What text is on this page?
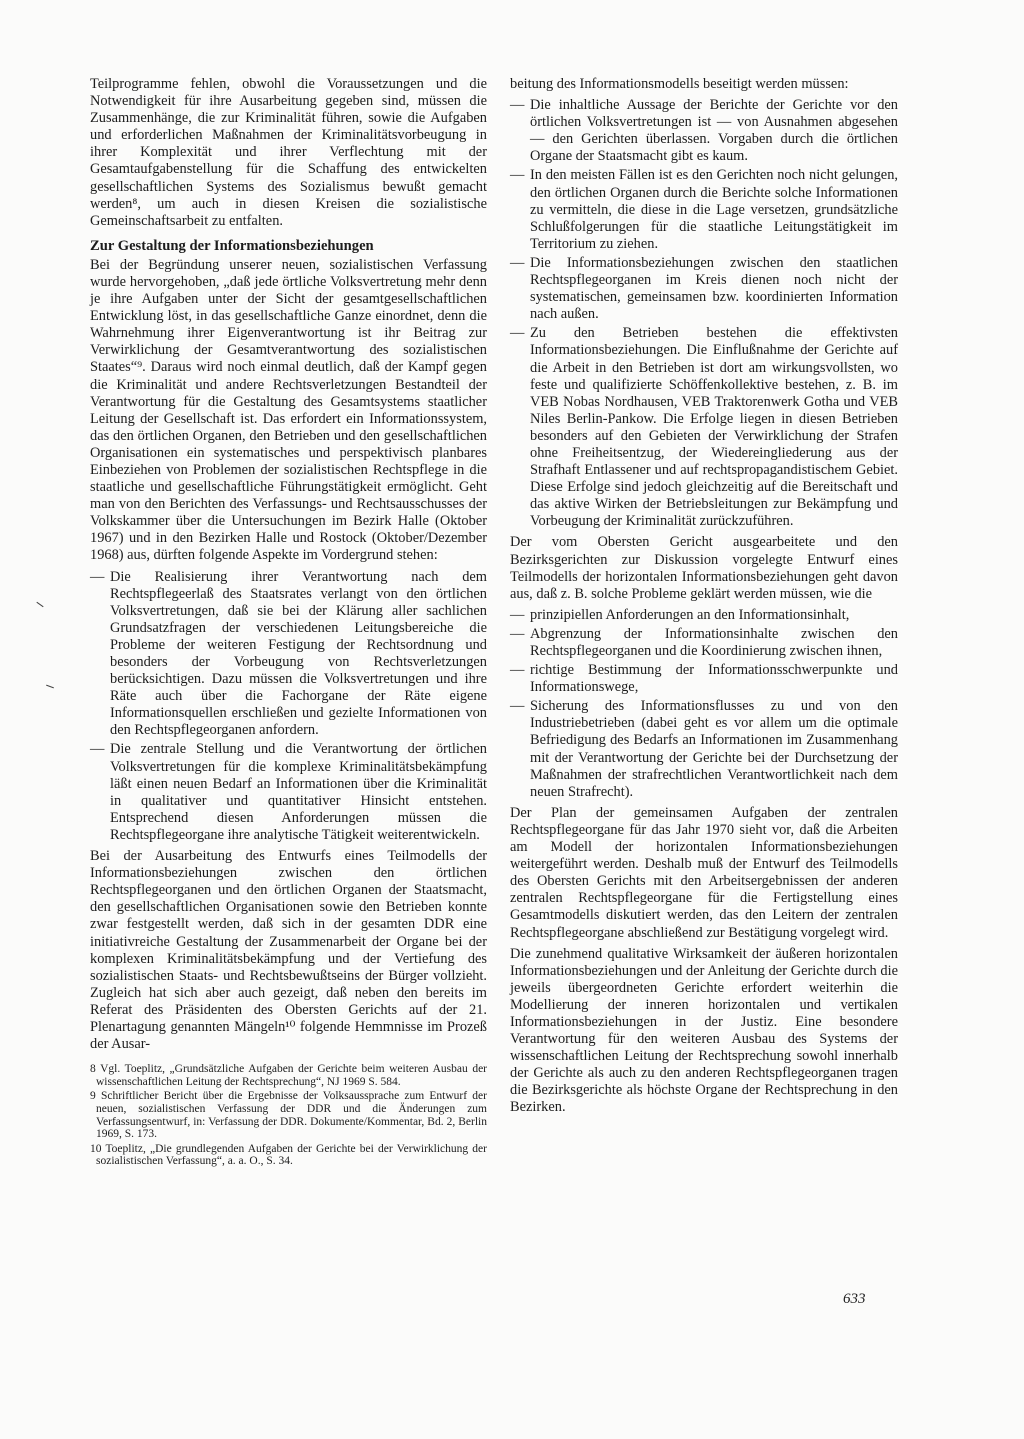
Teilprogramme fehlen, obwohl die Voraussetzungen und die Notwendigkeit für ihre Ausarbeitung gegeben sind, müssen die Zusammenhänge, die zur Kriminalität führen, sowie die Aufgaben und erforderlichen Maßnahmen der Kriminalitätsvorbeugung in ihrer Komplexität und ihrer Verflechtung mit der Gesamtaufgabenstellung für die Schaffung des entwickelten gesellschaftlichen Systems des Sozialismus bewußt gemacht werden⁸, um auch in diesen Kreisen die sozialistische Gemeinschaftsarbeit zu entfalten.

Zur Gestaltung der Informationsbeziehungen

Bei der Begründung unserer neuen, sozialistischen Verfassung wurde hervorgehoben, „daß jede örtliche Volksvertretung mehr denn je ihre Aufgaben unter der Sicht der gesamtgesellschaftlichen Entwicklung löst, in das gesellschaftliche Ganze einordnet, denn die Wahrnehmung ihrer Eigenverantwortung ist ihr Beitrag zur Verwirklichung der Gesamtverantwortung des sozialistischen Staates“⁹. Daraus wird noch einmal deutlich, daß der Kampf gegen die Kriminalität und andere Rechtsverletzungen Bestandteil der Verantwortung für die Gestaltung des Gesamtsystems staatlicher Leitung der Gesellschaft ist. Das erfordert ein Informationssystem, das den örtlichen Organen, den Betrieben und den gesellschaftlichen Organisationen ein systematisches und perspektivisch planbares Einbeziehen von Problemen der sozialistischen Rechtspflege in die staatliche und gesellschaftliche Führungstätigkeit ermöglicht. Geht man von den Berichten des Verfassungs- und Rechtsausschusses der Volkskammer über die Untersuchungen im Bezirk Halle (Oktober 1967) und in den Bezirken Halle und Rostock (Oktober/Dezember 1968) aus, dürften folgende Aspekte im Vordergrund stehen:

— Die Realisierung ihrer Verantwortung nach dem Rechtspflegeerlaß des Staatsrates verlangt von den örtlichen Volksvertretungen, daß sie bei der Klärung aller sachlichen Grundsatzfragen der verschiedenen Leitungsbereiche die Probleme der weiteren Festigung der Rechtsordnung und besonders der Vorbeugung von Rechtsverletzungen berücksichtigen. Dazu müssen die Volksvertretungen und ihre Räte auch über die Fachorgane der Räte eigene Informationsquellen erschließen und gezielte Informationen von den Rechtspflegeorganen anfordern.
— Die zentrale Stellung und die Verantwortung der örtlichen Volksvertretungen für die komplexe Kriminalitätsbekämpfung läßt einen neuen Bedarf an Informationen über die Kriminalität in qualitativer und quantitativer Hinsicht entstehen. Entsprechend diesen Anforderungen müssen die Rechtspflegeorgane ihre analytische Tätigkeit weiterentwickeln.

Bei der Ausarbeitung des Entwurfs eines Teilmodells der Informationsbeziehungen zwischen den örtlichen Rechtspflegeorganen und den örtlichen Organen der Staatsmacht, den gesellschaftlichen Organisationen sowie den Betrieben konnte zwar festgestellt werden, daß sich in der gesamten DDR eine initiativreiche Gestaltung der Zusammenarbeit der Organe bei der komplexen Kriminalitätsbekämpfung und der Vertiefung des sozialistischen Staats- und Rechtsbewußtseins der Bürger vollzieht. Zugleich hat sich aber auch gezeigt, daß neben den bereits im Referat des Präsidenten des Obersten Gerichts auf der 21. Plenartagung genannten Mängeln¹⁰ folgende Hemmnisse im Prozeß der Ausar-

8 Vgl. Toeplitz, „Grundsätzliche Aufgaben der Gerichte beim weiteren Ausbau der wissenschaftlichen Leitung der Rechtsprechung“, NJ 1969 S. 584.

9 Schriftlicher Bericht über die Ergebnisse der Volksaussprache zum Entwurf der neuen, sozialistischen Verfassung der DDR und die Änderungen zum Verfassungsentwurf, in: Verfassung der DDR. Dokumente/Kommentar, Bd. 2, Berlin 1969, S. 173.

10 Toeplitz, „Die grundlegenden Aufgaben der Gerichte bei der Verwirklichung der sozialistischen Verfassung“, a. a. O., S. 34.

beitung des Informationsmodells beseitigt werden müssen:

— Die inhaltliche Aussage der Berichte der Gerichte vor den örtlichen Volksvertretungen ist — von Ausnahmen abgesehen — den Gerichten überlassen. Vorgaben durch die örtlichen Organe der Staatsmacht gibt es kaum.
— In den meisten Fällen ist es den Gerichten noch nicht gelungen, den örtlichen Organen durch die Berichte solche Informationen zu vermitteln, die diese in die Lage versetzen, grundsätzliche Schlußfolgerungen für die staatliche Leitungstätigkeit im Territorium zu ziehen.
— Die Informationsbeziehungen zwischen den staatlichen Rechtspflegeorganen im Kreis dienen noch nicht der systematischen, gemeinsamen bzw. koordinierten Information nach außen.
— Zu den Betrieben bestehen die effektivsten Informationsbeziehungen. Die Einflußnahme der Gerichte auf die Arbeit in den Betrieben ist dort am wirkungsvollsten, wo feste und qualifizierte Schöffenkollektive bestehen, z. B. im VEB Nobas Nordhausen, VEB Traktorenwerk Gotha und VEB Niles Berlin-Pankow. Die Erfolge liegen in diesen Betrieben besonders auf den Gebieten der Verwirklichung der Strafen ohne Freiheitsentzug, der Wiedereingliederung aus der Strafhaft Entlassener und auf rechtspropagandistischem Gebiet. Diese Erfolge sind jedoch gleichzeitig auf die Bereitschaft und das aktive Wirken der Betriebsleitungen zur Bekämpfung und Vorbeugung der Kriminalität zurückzuführen.

Der vom Obersten Gericht ausgearbeitete und den Bezirksgerichten zur Diskussion vorgelegte Entwurf eines Teilmodells der horizontalen Informationsbeziehungen geht davon aus, daß z. B. solche Probleme geklärt werden müssen, wie die

— prinzipiellen Anforderungen an den Informationsinhalt,
— Abgrenzung der Informationsinhalte zwischen den Rechtspflegeorganen und die Koordinierung zwischen ihnen,
— richtige Bestimmung der Informationsschwerpunkte und Informationswege,
— Sicherung des Informationsflusses zu und von den Industriebetrieben (dabei geht es vor allem um die optimale Befriedigung des Bedarfs an Informationen im Zusammenhang mit der Verantwortung der Gerichte bei der Durchsetzung der Maßnahmen der strafrechtlichen Verantwortlichkeit nach dem neuen Strafrecht).

Der Plan der gemeinsamen Aufgaben der zentralen Rechtspflegeorgane für das Jahr 1970 sieht vor, daß die Arbeiten am Modell der horizontalen Informationsbeziehungen weitergeführt werden. Deshalb muß der Entwurf des Teilmodells des Obersten Gerichts mit den Arbeitsergebnissen der anderen zentralen Rechtspflegeorgane für die Fertigstellung eines Gesamtmodells diskutiert werden, das den Leitern der zentralen Rechtspflegeorgane abschließend zur Bestätigung vorgelegt wird.

Die zunehmend qualitative Wirksamkeit der äußeren horizontalen Informationsbeziehungen und der Anleitung der Gerichte durch die jeweils übergeordneten Gerichte erfordert weiterhin die Modellierung der inneren horizontalen und vertikalen Informationsbeziehungen in der Justiz. Eine besondere Verantwortung für den weiteren Ausbau des Systems der wissenschaftlichen Leitung der Rechtsprechung sowohl innerhalb der Gerichte als auch zu den anderen Rechtspflegeorganen tragen die Bezirksgerichte als höchste Organe der Rechtsprechung in den Bezirken.

633
